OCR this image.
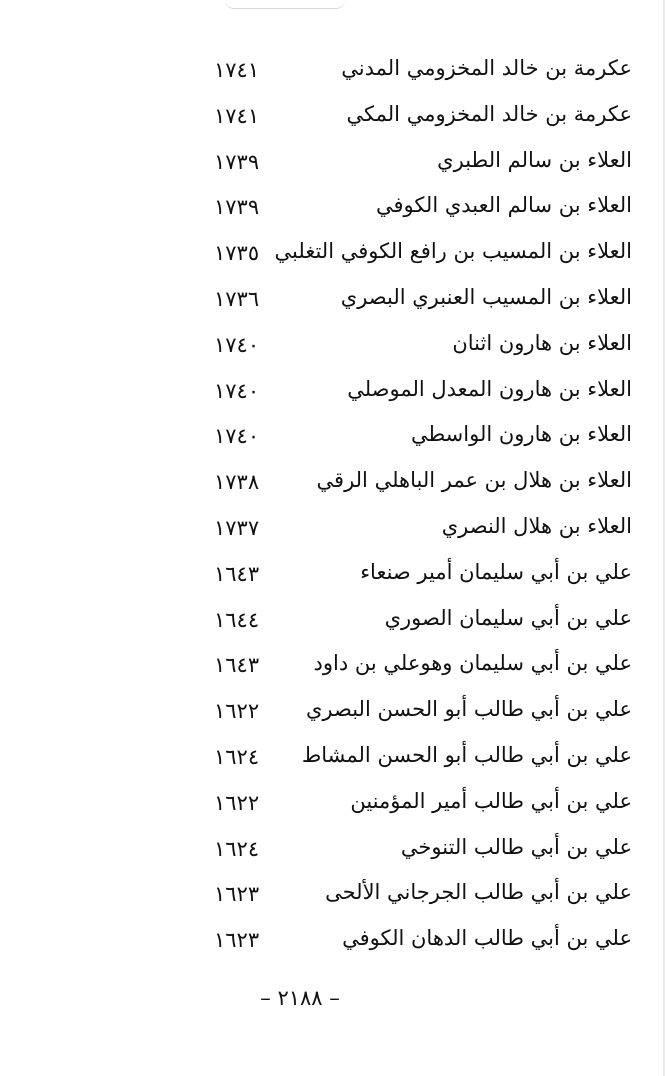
عكرمة بن خالد المخزومي المدني
١٧٤١
عكرمة بن خالد المخزومي المكي
١٧٤١
العلاء بن سالم الطبري
١٧٣٩
العلاء بن سالم العبدي الكوفي
١٧٣٩
العلاء بن المسيب بن رافع الكوفي التغلبي
١٧٣٥
العلاء بن المسيب العنبري البصري
١٧٣٦
العلاء بن هارون اثنان
١٧٤٠
العلاء بن هارون المعدل الموصلي
١٧٤٠
العلاء بن هارون الواسطي
١٧٤٠
العلاء بن هلال بن عمر الباهلي الرقي
١٧٣٨
العلاء بن هلال النصري
١٧٣٧
علي بن أبي سليمان أمير صنعاء
١٦٤٣
علي بن أبي سليمان الصوري
١٦٤٤
علي بن أبي سليمان وهوعلي بن داود
١٦٤٣
علي بن أبي طالب أبو الحسن البصري
١٦٢٢
علي بن أبي طالب أبو الحسن المشاط
١٦٢٤
علي بن أبي طالب أمير المؤمنين
١٦٢٢
علي بن أبي طالب التنوخي
١٦٢٤
علي بن أبي طالب الجرجاني الألحى
١٦٢٣
علي بن أبي طالب الدهان الكوفي
١٦٢٣
– ٢١٨٨ –
